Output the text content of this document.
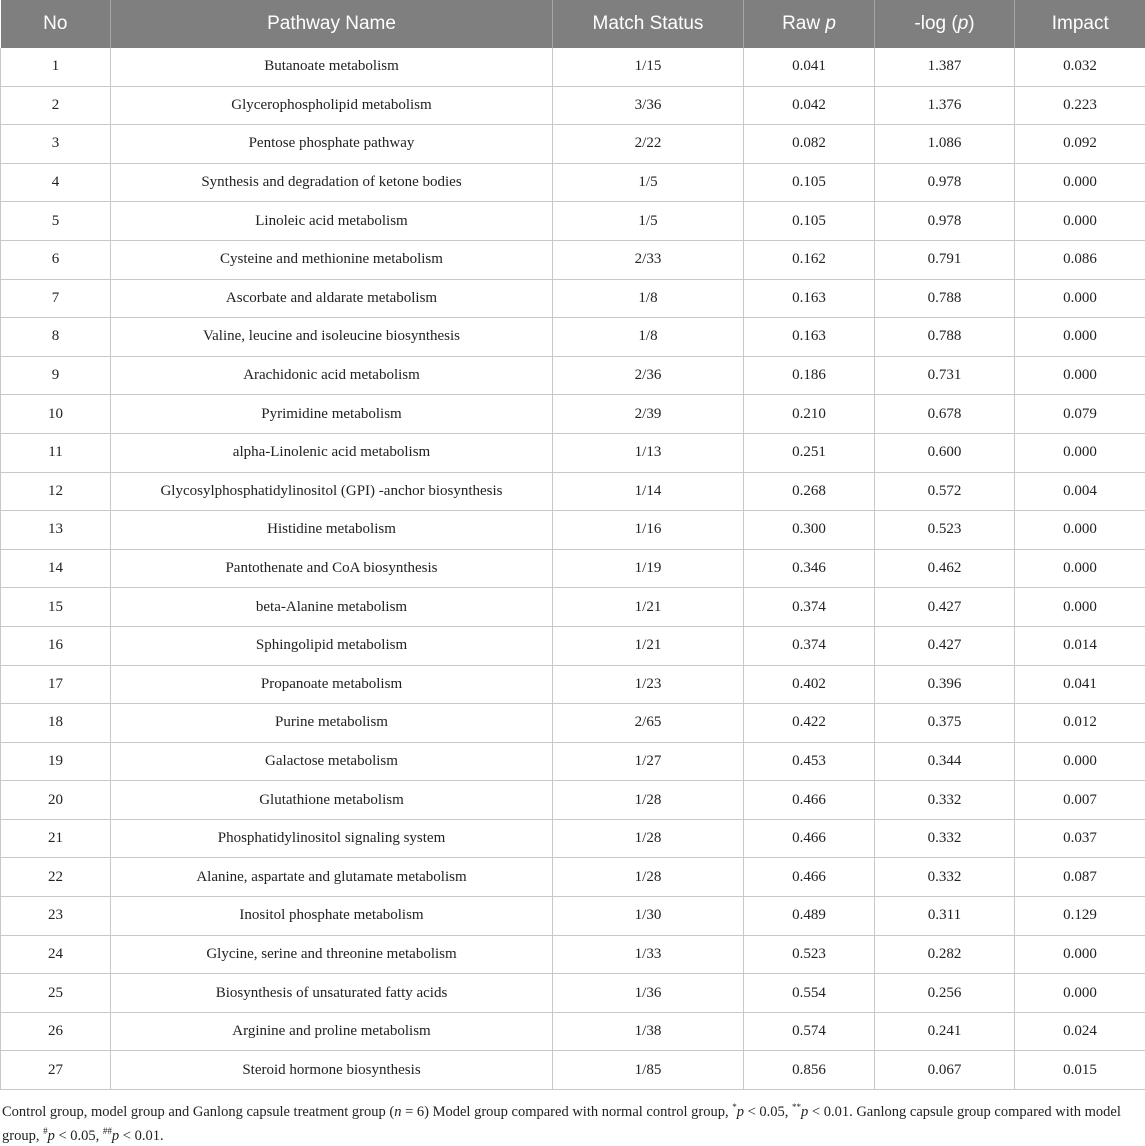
No	Pathway Name	Match Status	Raw p	-log (p)	Impact
1	Butanoate metabolism	1/15	0.041	1.387	0.032
2	Glycerophospholipid metabolism	3/36	0.042	1.376	0.223
3	Pentose phosphate pathway	2/22	0.082	1.086	0.092
4	Synthesis and degradation of ketone bodies	1/5	0.105	0.978	0.000
5	Linoleic acid metabolism	1/5	0.105	0.978	0.000
6	Cysteine and methionine metabolism	2/33	0.162	0.791	0.086
7	Ascorbate and aldarate metabolism	1/8	0.163	0.788	0.000
8	Valine, leucine and isoleucine biosynthesis	1/8	0.163	0.788	0.000
9	Arachidonic acid metabolism	2/36	0.186	0.731	0.000
10	Pyrimidine metabolism	2/39	0.210	0.678	0.079
11	alpha-Linolenic acid metabolism	1/13	0.251	0.600	0.000
12	Glycosylphosphatidylinositol (GPI) -anchor biosynthesis	1/14	0.268	0.572	0.004
13	Histidine metabolism	1/16	0.300	0.523	0.000
14	Pantothenate and CoA biosynthesis	1/19	0.346	0.462	0.000
15	beta-Alanine metabolism	1/21	0.374	0.427	0.000
16	Sphingolipid metabolism	1/21	0.374	0.427	0.014
17	Propanoate metabolism	1/23	0.402	0.396	0.041
18	Purine metabolism	2/65	0.422	0.375	0.012
19	Galactose metabolism	1/27	0.453	0.344	0.000
20	Glutathione metabolism	1/28	0.466	0.332	0.007
21	Phosphatidylinositol signaling system	1/28	0.466	0.332	0.037
22	Alanine, aspartate and glutamate metabolism	1/28	0.466	0.332	0.087
23	Inositol phosphate metabolism	1/30	0.489	0.311	0.129
24	Glycine, serine and threonine metabolism	1/33	0.523	0.282	0.000
25	Biosynthesis of unsaturated fatty acids	1/36	0.554	0.256	0.000
26	Arginine and proline metabolism	1/38	0.574	0.241	0.024
27	Steroid hormone biosynthesis	1/85	0.856	0.067	0.015
Control group, model group and Ganlong capsule treatment group (n = 6) Model group compared with normal control group, *p < 0.05, **p < 0.01. Ganlong capsule group compared with model group, #p < 0.05, ##p < 0.01.
